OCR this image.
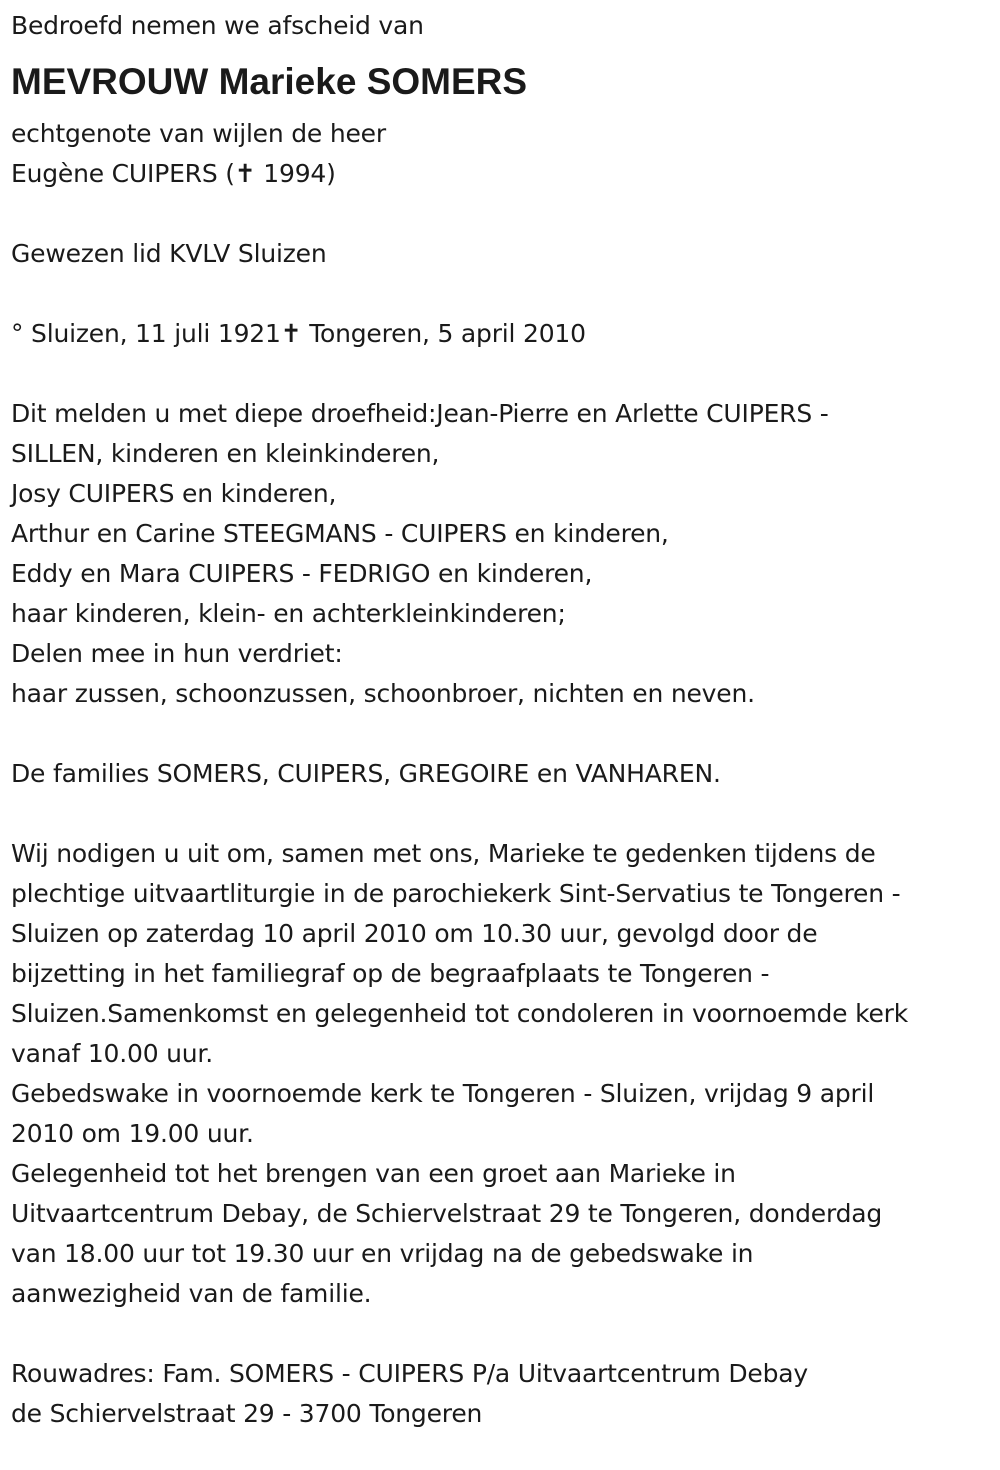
Bedroefd nemen we afscheid van
MEVROUW Marieke SOMERS
echtgenote van wijlen de heer
Eugène CUIPERS (✝ 1994)
Gewezen lid KVLV Sluizen
° Sluizen, 11 juli 1921✝ Tongeren, 5 april 2010
Dit melden u met diepe droefheid:Jean-Pierre en Arlette CUIPERS -
SILLEN, kinderen en kleinkinderen,
Josy CUIPERS en kinderen,
Arthur en Carine STEEGMANS - CUIPERS en kinderen,
Eddy en Mara CUIPERS - FEDRIGO en kinderen,
haar kinderen, klein- en achterkleinkinderen;
Delen mee in hun verdriet:
haar zussen, schoonzussen, schoonbroer, nichten en neven.
De families SOMERS, CUIPERS, GREGOIRE en VANHAREN.
Wij nodigen u uit om, samen met ons, Marieke te gedenken tijdens de
plechtige uitvaartliturgie in de parochiekerk Sint-Servatius te Tongeren -
Sluizen op zaterdag 10 april 2010 om 10.30 uur, gevolgd door de
bijzetting in het familiegraf op de begraafplaats te Tongeren -
Sluizen.Samenkomst en gelegenheid tot condoleren in voornoemde kerk
vanaf 10.00 uur.
Gebedswake in voornoemde kerk te Tongeren - Sluizen, vrijdag 9 april
2010 om 19.00 uur.
Gelegenheid tot het brengen van een groet aan Marieke in
Uitvaartcentrum Debay, de Schiervelstraat 29 te Tongeren, donderdag
van 18.00 uur tot 19.30 uur en vrijdag na de gebedswake in
aanwezigheid van de familie.
Rouwadres: Fam. SOMERS - CUIPERS P/a Uitvaartcentrum Debay
de Schiervelstraat 29 - 3700 Tongeren
